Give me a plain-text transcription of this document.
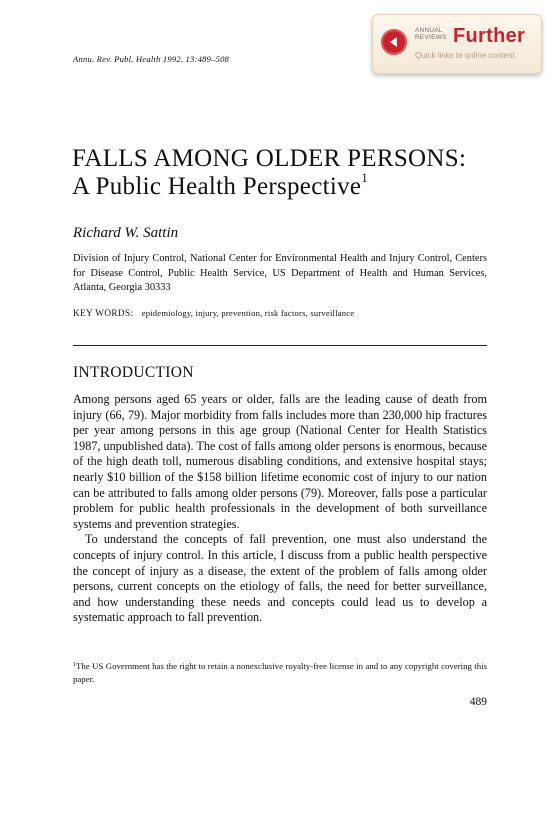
Annu. Rev. Publ. Health 1992. 13:489–508
ANNUAL
REVIEWS Further
Quick links to online content
FALLS AMONG OLDER PERSONS:
A Public Health Perspective$^1$
Richard W. Sattin
Division of Injury Control, National Center for Environmental Health and Injury Control, Centers for Disease Control, Public Health Service, US Department of Health and Human Services, Atlanta, Georgia 30333
KEY WORDS: epidemiology, injury, prevention, risk factors, surveillance
INTRODUCTION

Among persons aged 65 years or older, falls are the leading cause of death from injury (66, 79). Major morbidity from falls includes more than 230,000 hip fractures per year among persons in this age group (National Center for Health Statistics 1987, unpublished data). The cost of falls among older persons is enormous, because of the high death toll, numerous disabling conditions, and extensive hospital stays; nearly $10 billion of the $158 billion lifetime economic cost of injury to our nation can be attributed to falls among older persons (79). Moreover, falls pose a particular problem for public health professionals in the development of both surveillance systems and prevention strategies.

To understand the concepts of fall prevention, one must also understand the concepts of injury control. In this article, I discuss from a public health perspective the concept of injury as a disease, the extent of the problem of falls among older persons, current concepts on the etiology of falls, the need for better surveillance, and how understanding these needs and concepts could lead us to develop a systematic approach to fall prevention.

$^1$The US Government has the right to retain a nonexclusive royalty-free license in and to any copyright covering this paper.
489
